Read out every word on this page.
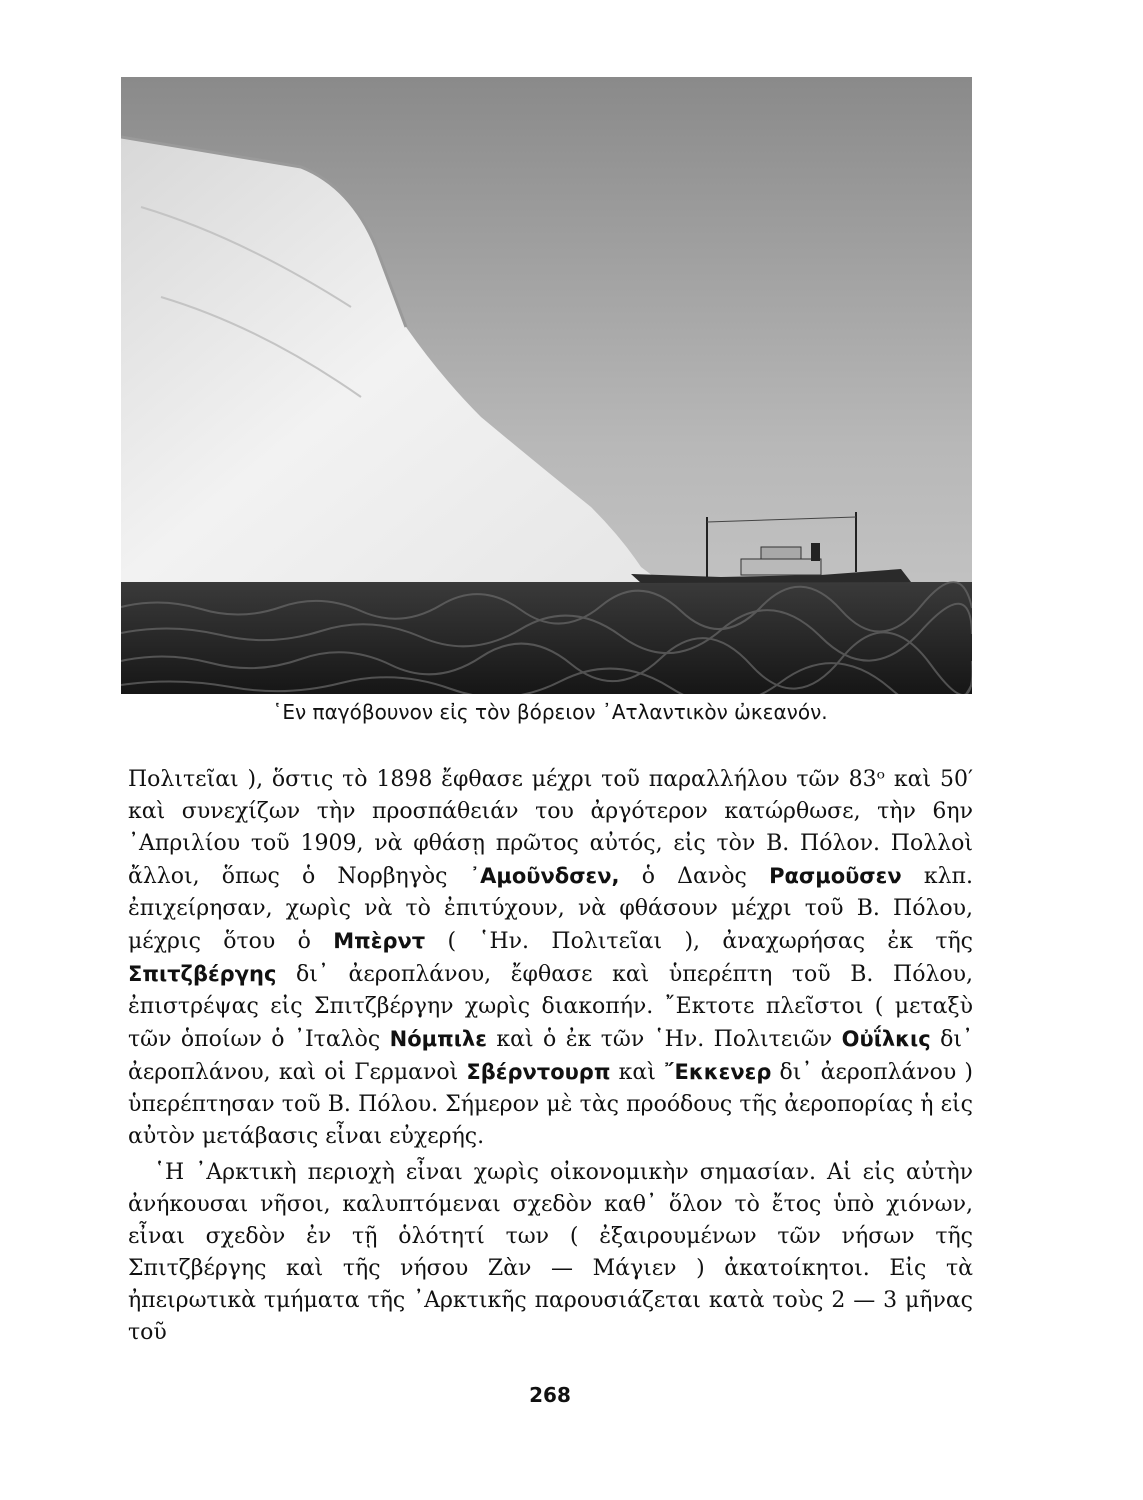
῾Εν παγόβουνον εἰς τὸν βόρειον ᾿Ατλαντικὸν ὠκεανόν.

Πολιτεῖαι ), ὅστις τὸ 1898 ἔφθασε μέχρι τοῦ παραλλήλου τῶν 83ᵒ καὶ 50′ καὶ συνεχίζων τὴν προσπάθειάν του ἀργότερον κατώρθωσε, τὴν 6ην ᾿Απριλίου τοῦ 1909, νὰ φθάσῃ πρῶτος αὐτός, εἰς τὸν Β. Πόλον. Πολλοὶ ἄλλοι, ὅπως ὁ Νορβηγὸς ᾿Αμοῦνδσεν, ὁ Δανὸς Ρασμοῦσεν κλπ. ἐπιχείρησαν, χωρὶς νὰ τὸ ἐπιτύχουν, νὰ φθάσουν μέχρι τοῦ Β. Πόλου, μέχρις ὅτου ὁ Μπὲρντ ( ῾Ην. Πολιτεῖαι ), ἀναχωρήσας ἐκ τῆς Σπιτζβέργης δι᾿ ἀεροπλάνου, ἔφθασε καὶ ὑπερέπτη τοῦ Β. Πόλου, ἐπιστρέψας εἰς Σπιτζβέργην χωρὶς διακοπήν. ῎Εκτοτε πλεῖστοι ( μεταξὺ τῶν ὁποίων ὁ ᾿Ιταλὸς Νόμπιλε καὶ ὁ ἐκ τῶν ῾Ην. Πολιτειῶν Οὐΐλκις δι᾿ ἀεροπλάνου, καὶ οἱ Γερμανοὶ Σβέρντουρπ καὶ ῎Εκκενερ δι᾿ ἀεροπλάνου ) ὑπερέπτησαν τοῦ Β. Πόλου. Σήμερον μὲ τὰς προόδους τῆς ἀεροπορίας ἡ εἰς αὐτὸν μετάβασις εἶναι εὐχερής.

῾Η ᾿Αρκτικὴ περιοχὴ εἶναι χωρὶς οἰκονομικὴν σημασίαν. Αἱ εἰς αὐτὴν ἀνήκουσαι νῆσοι, καλυπτόμεναι σχεδὸν καθ᾿ ὅλον τὸ ἔτος ὑπὸ χιόνων, εἶναι σχεδὸν ἐν τῇ ὁλότητί των ( ἐξαιρουμένων τῶν νήσων τῆς Σπιτζβέργης καὶ τῆς νήσου Ζὰν — Μάγιεν ) ἀκατοίκητοι. Εἰς τὰ ἠπειρωτικὰ τμήματα τῆς ᾿Αρκτικῆς παρουσιάζεται κατὰ τοὺς 2 — 3 μῆνας τοῦ

268
